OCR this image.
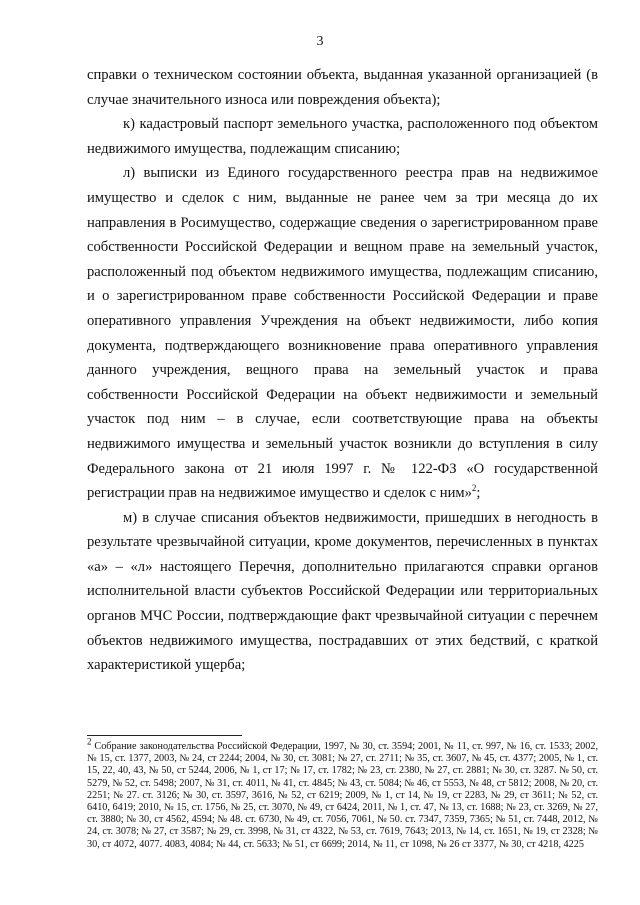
3

справки о техническом состоянии объекта, выданная указанной организацией (в случае значительного износа или повреждения объекта);

к) кадастровый паспорт земельного участка, расположенного под объектом недвижимого имущества, подлежащим списанию;

л) выписки из Единого государственного реестра прав на недвижимое имущество и сделок с ним, выданные не ранее чем за три месяца до их направления в Росимущество, содержащие сведения о зарегистрированном праве собственности Российской Федерации и вещном праве на земельный участок, расположенный под объектом недвижимого имущества, подлежащим списанию, и о зарегистрированном праве собственности Российской Федерации и праве оперативного управления Учреждения на объект недвижимости, либо копия документа, подтверждающего возникновение права оперативного управления данного учреждения, вещного права на земельный участок и права собственности Российской Федерации на объект недвижимости и земельный участок под ним – в случае, если соответствующие права на объекты недвижимого имущества и земельный участок возникли до вступления в силу Федерального закона от 21 июля 1997 г. № 122-ФЗ «О государственной регистрации прав на недвижимое имущество и сделок с ним»$^2$;

м) в случае списания объектов недвижимости, пришедших в негодность в результате чрезвычайной ситуации, кроме документов, перечисленных в пунктах «а» – «л» настоящего Перечня, дополнительно прилагаются справки органов исполнительной власти субъектов Российской Федерации или территориальных органов МЧС России, подтверждающие факт чрезвычайной ситуации с перечнем объектов недвижимого имущества, пострадавших от этих бедствий, с краткой характеристикой ущерба;

$^2$ Собрание законодательства Российской Федерации, 1997, № 30, ст. 3594; 2001, № 11, ст. 997, № 16, ст. 1533; 2002, № 15, ст. 1377, 2003, № 24, ст 2244; 2004, № 30, ст. 3081; № 27, ст. 2711; № 35, ст. 3607, № 45, ст. 4377; 2005, № 1, ст. 15, 22, 40, 43, № 50, ст 5244, 2006, № 1, ст 17; № 17, ст. 1782; № 23, ст. 2380, № 27, ст. 2881; № 30, ст. 3287. № 50, ст. 5279, № 52, ст. 5498; 2007, № 31, ст. 4011, № 41, ст. 4845; № 43, ст. 5084; № 46, ст 5553, № 48, ст 5812; 2008, № 20, ст. 2251; № 27. ст. 3126; № 30, ст. 3597, 3616, № 52, ст 6219; 2009, № 1, ст 14, № 19, ст 2283, № 29, ст 3611; № 52, ст. 6410, 6419; 2010, № 15, ст. 1756, № 25, ст. 3070, № 49, ст 6424, 2011, № 1, ст. 47, № 13, ст. 1688; № 23, ст. 3269, № 27, ст. 3880; № 30, ст 4562, 4594; № 48. ст. 6730, № 49, ст. 7056, 7061, № 50. ст. 7347, 7359, 7365; № 51, ст. 7448, 2012, № 24, ст. 3078; № 27, ст 3587; № 29, ст. 3998, № 31, ст 4322, № 53, ст. 7619, 7643; 2013, № 14, ст. 1651, № 19, ст 2328; № 30, ст 4072, 4077. 4083, 4084; № 44, ст. 5633; № 51, ст 6699; 2014, № 11, ст 1098, № 26 ст 3377, № 30, ст 4218, 4225
